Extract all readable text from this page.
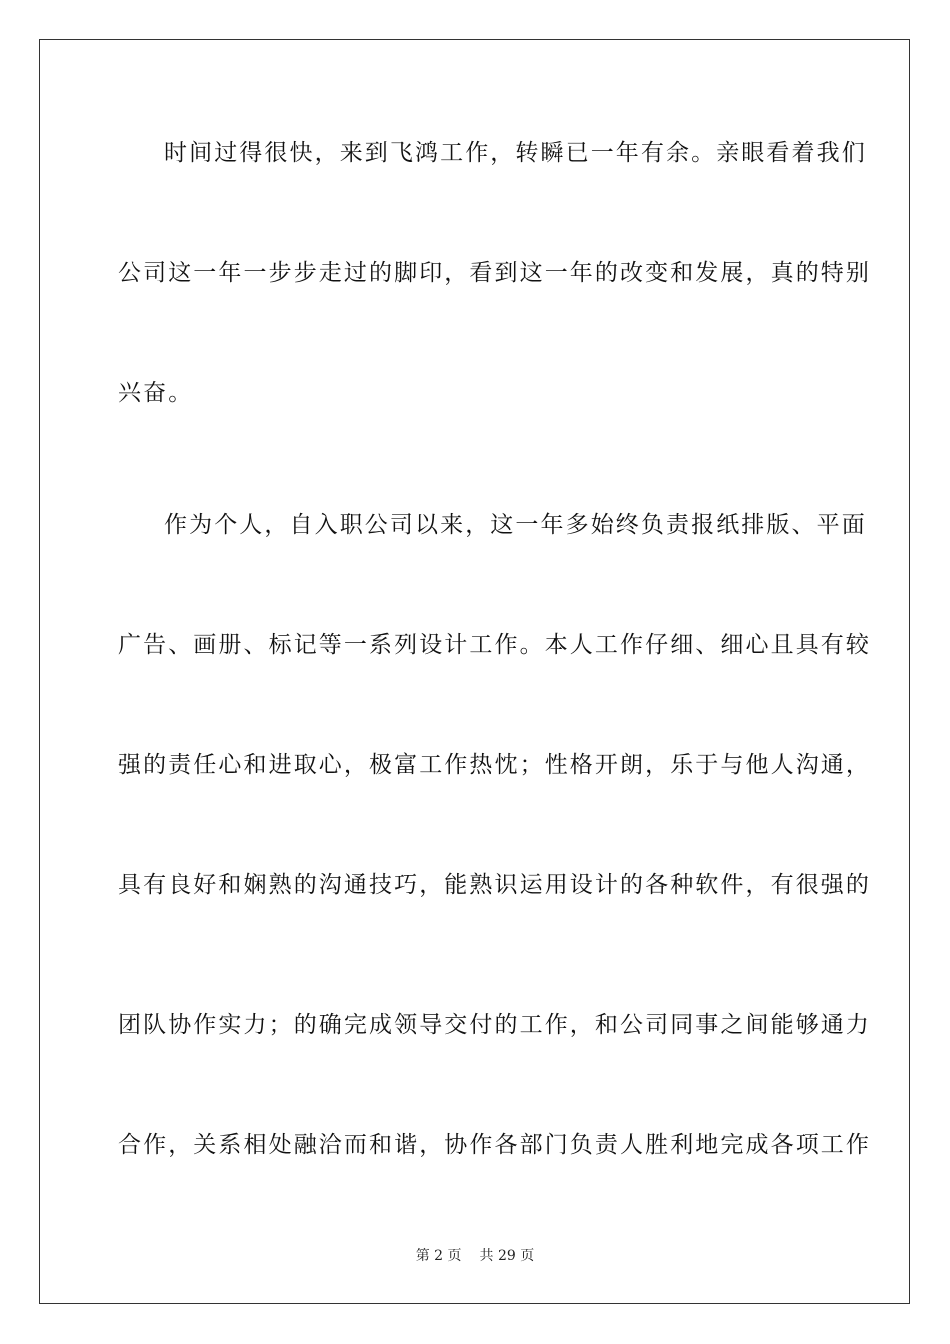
时间过得很快，来到飞鸿工作，转瞬已一年有余。亲眼看着我们
公司这一年一步步走过的脚印，看到这一年的改变和发展，真的特别
兴奋。
作为个人，自入职公司以来，这一年多始终负责报纸排版、平面
广告、画册、标记等一系列设计工作。本人工作仔细、细心且具有较
强的责任心和进取心，极富工作热忱；性格开朗，乐于与他人沟通，
具有良好和娴熟的沟通技巧，能熟识运用设计的各种软件，有很强的
团队协作实力；的确完成领导交付的工作，和公司同事之间能够通力
合作，关系相处融洽而和谐，协作各部门负责人胜利地完成各项工作
第 2 页 共 29 页
